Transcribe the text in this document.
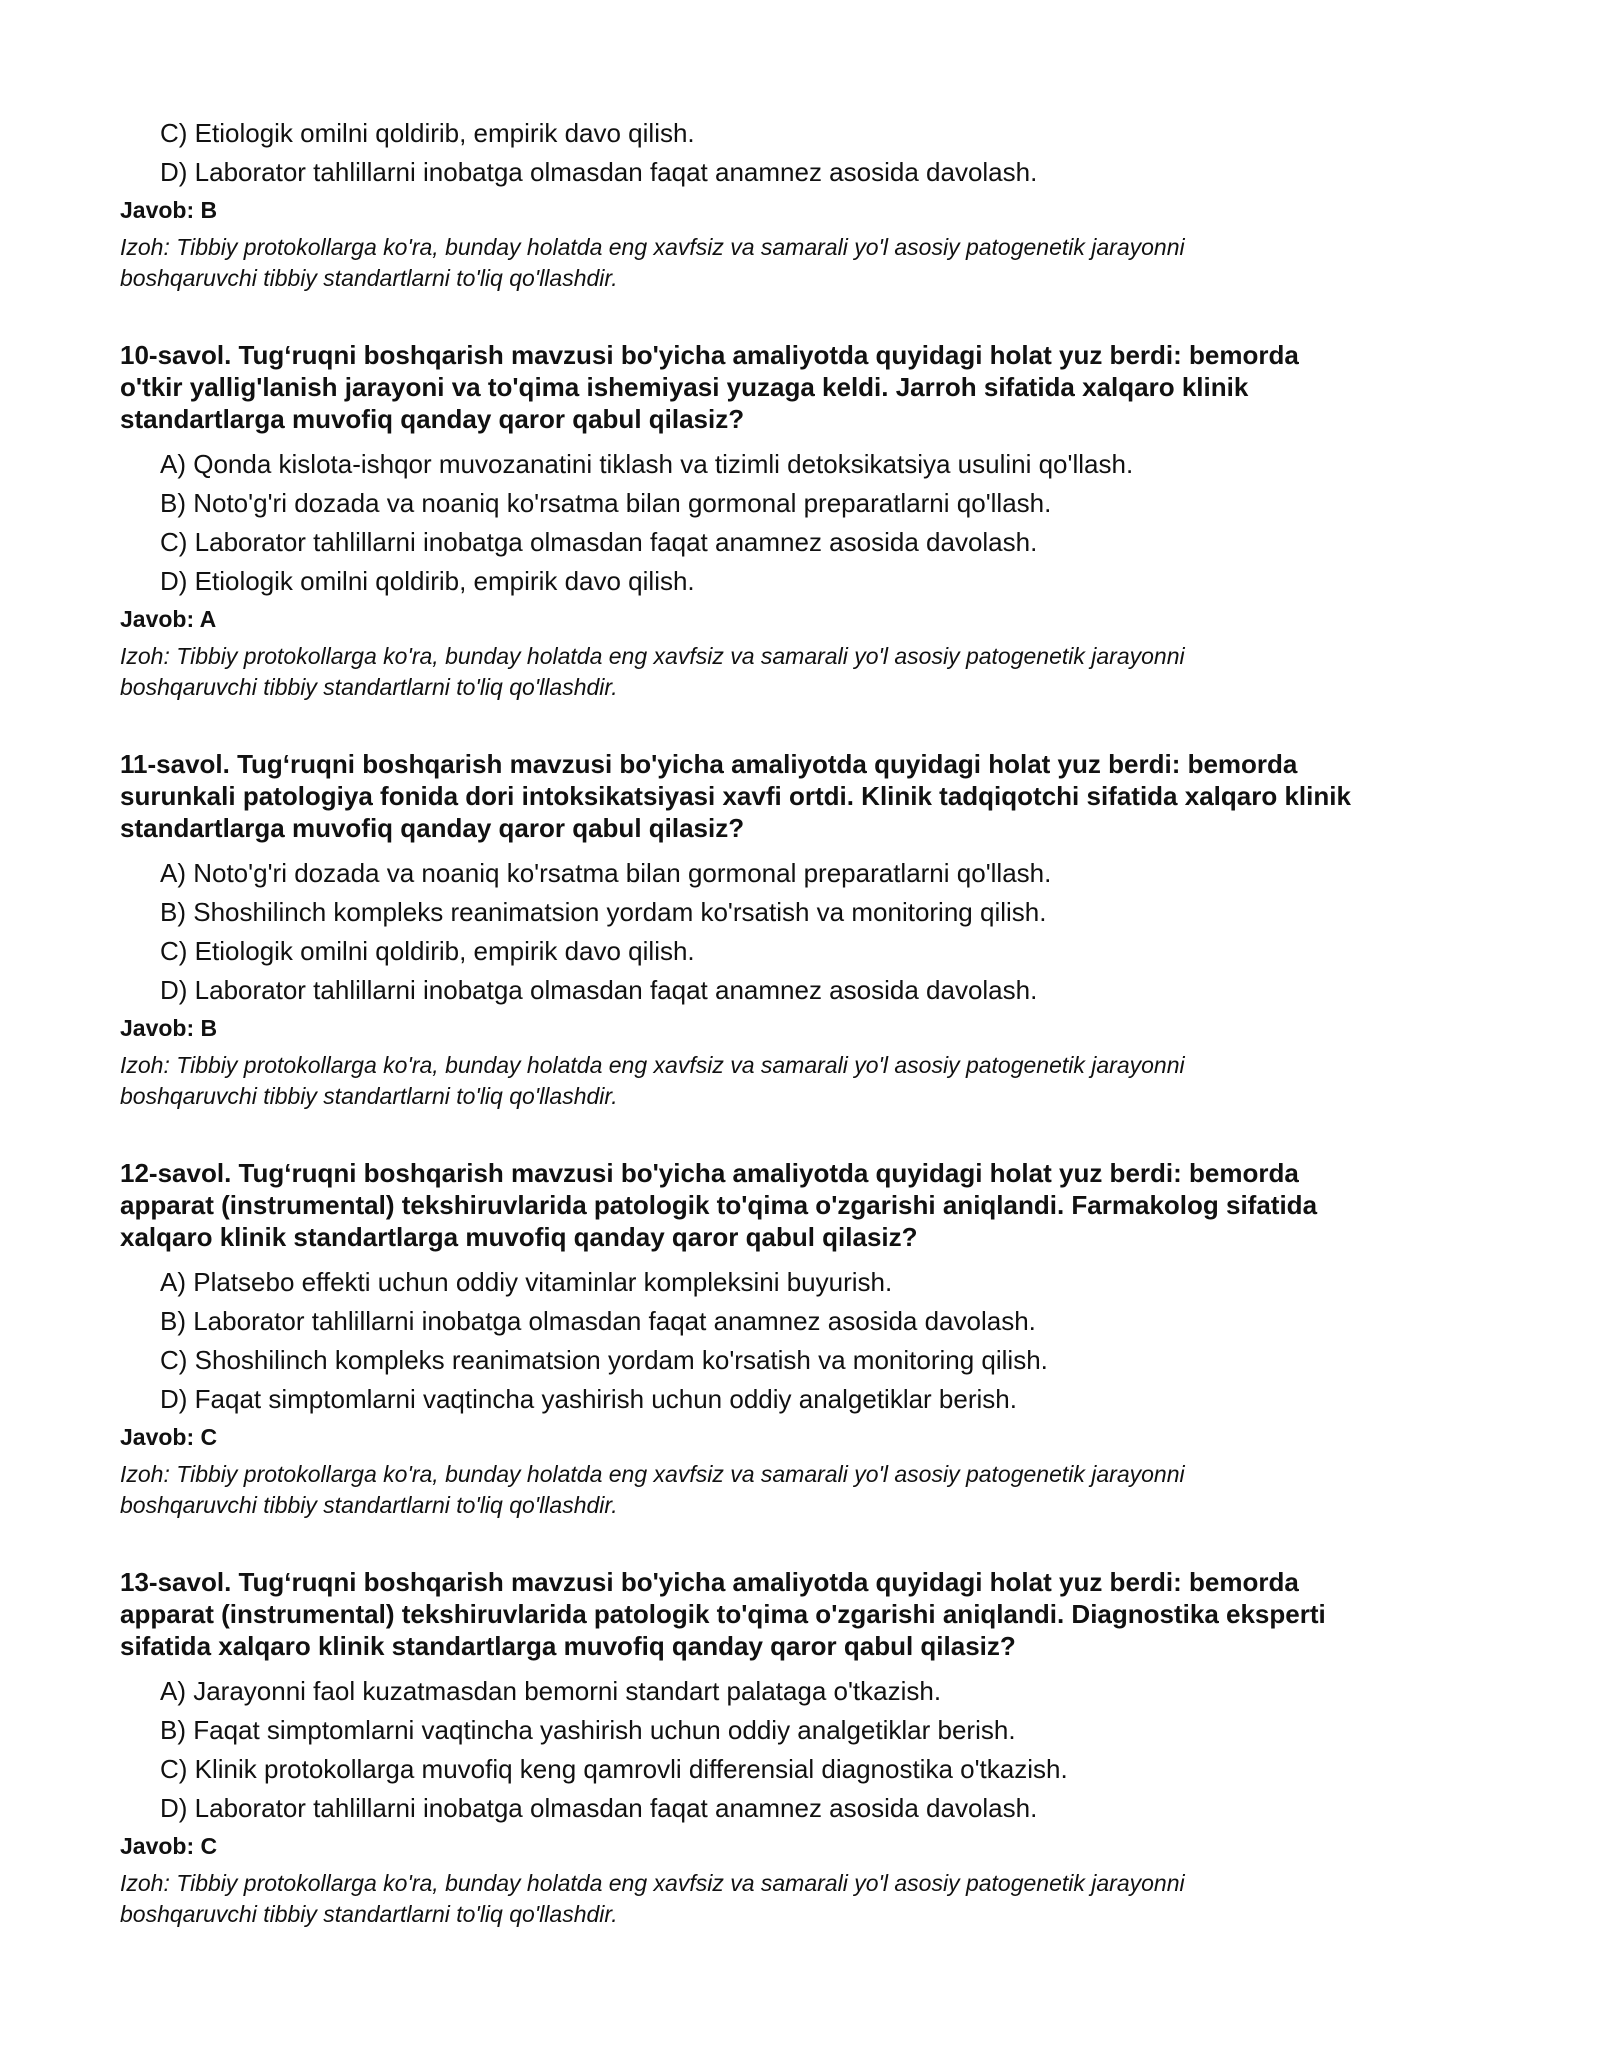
C) Etiologik omilni qoldirib, empirik davo qilish.
D) Laborator tahlillarni inobatga olmasdan faqat anamnez asosida davolash.
Javob: B

Izoh: Tibbiy protokollarga ko'ra, bunday holatda eng xavfsiz va samarali yo'l asosiy patogenetik jarayonni
boshqaruvchi tibbiy standartlarni to'liq qo'llashdir.

10-savol. Tug‘ruqni boshqarish mavzusi bo'yicha amaliyotda quyidagi holat yuz berdi: bemorda
o'tkir yallig'lanish jarayoni va to'qima ishemiyasi yuzaga keldi. Jarroh sifatida xalqaro klinik
standartlarga muvofiq qanday qaror qabul qilasiz?
A) Qonda kislota-ishqor muvozanatini tiklash va tizimli detoksikatsiya usulini qo'llash.
B) Noto'g'ri dozada va noaniq ko'rsatma bilan gormonal preparatlarni qo'llash.
C) Laborator tahlillarni inobatga olmasdan faqat anamnez asosida davolash.
D) Etiologik omilni qoldirib, empirik davo qilish.
Javob: A

Izoh: Tibbiy protokollarga ko'ra, bunday holatda eng xavfsiz va samarali yo'l asosiy patogenetik jarayonni
boshqaruvchi tibbiy standartlarni to'liq qo'llashdir.

11-savol. Tug‘ruqni boshqarish mavzusi bo'yicha amaliyotda quyidagi holat yuz berdi: bemorda
surunkali patologiya fonida dori intoksikatsiyasi xavfi ortdi. Klinik tadqiqotchi sifatida xalqaro klinik
standartlarga muvofiq qanday qaror qabul qilasiz?
A) Noto'g'ri dozada va noaniq ko'rsatma bilan gormonal preparatlarni qo'llash.
B) Shoshilinch kompleks reanimatsion yordam ko'rsatish va monitoring qilish.
C) Etiologik omilni qoldirib, empirik davo qilish.
D) Laborator tahlillarni inobatga olmasdan faqat anamnez asosida davolash.
Javob: B

Izoh: Tibbiy protokollarga ko'ra, bunday holatda eng xavfsiz va samarali yo'l asosiy patogenetik jarayonni
boshqaruvchi tibbiy standartlarni to'liq qo'llashdir.

12-savol. Tug‘ruqni boshqarish mavzusi bo'yicha amaliyotda quyidagi holat yuz berdi: bemorda
apparat (instrumental) tekshiruvlarida patologik to'qima o'zgarishi aniqlandi. Farmakolog sifatida
xalqaro klinik standartlarga muvofiq qanday qaror qabul qilasiz?
A) Platsebo effekti uchun oddiy vitaminlar kompleksini buyurish.
B) Laborator tahlillarni inobatga olmasdan faqat anamnez asosida davolash.
C) Shoshilinch kompleks reanimatsion yordam ko'rsatish va monitoring qilish.
D) Faqat simptomlarni vaqtincha yashirish uchun oddiy analgetiklar berish.
Javob: C

Izoh: Tibbiy protokollarga ko'ra, bunday holatda eng xavfsiz va samarali yo'l asosiy patogenetik jarayonni
boshqaruvchi tibbiy standartlarni to'liq qo'llashdir.

13-savol. Tug‘ruqni boshqarish mavzusi bo'yicha amaliyotda quyidagi holat yuz berdi: bemorda
apparat (instrumental) tekshiruvlarida patologik to'qima o'zgarishi aniqlandi. Diagnostika eksperti
sifatida xalqaro klinik standartlarga muvofiq qanday qaror qabul qilasiz?
A) Jarayonni faol kuzatmasdan bemorni standart palataga o'tkazish.
B) Faqat simptomlarni vaqtincha yashirish uchun oddiy analgetiklar berish.
C) Klinik protokollarga muvofiq keng qamrovli differensial diagnostika o'tkazish.
D) Laborator tahlillarni inobatga olmasdan faqat anamnez asosida davolash.
Javob: C

Izoh: Tibbiy protokollarga ko'ra, bunday holatda eng xavfsiz va samarali yo'l asosiy patogenetik jarayonni
boshqaruvchi tibbiy standartlarni to'liq qo'llashdir.
